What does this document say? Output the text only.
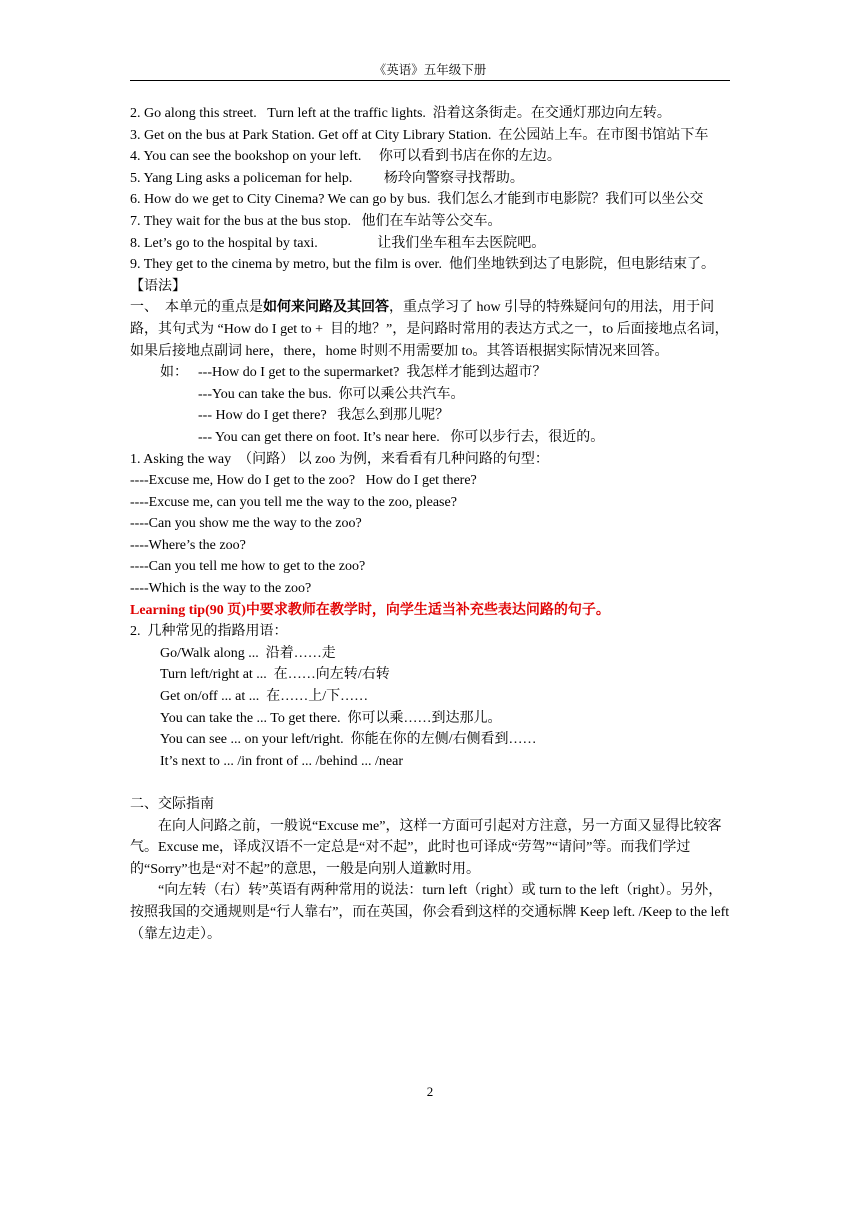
《英语》五年级下册

2. Go along this street.   Turn left at the traffic lights.  沿着这条街走。在交通灯那边向左转。

3. Get on the bus at Park Station. Get off at City Library Station.  在公园站上车。在市图书馆站下车

4. You can see the bookshop on your left.     你可以看到书店在你的左边。

5. Yang Ling asks a policeman for help.         杨玲向警察寻找帮助。

6. How do we get to City Cinema? We can go by bus.  我们怎么才能到市电影院？我们可以坐公交

7. They wait for the bus at the bus stop.   他们在车站等公交车。

8. Let’s go to the hospital by taxi.                 让我们坐车租车去医院吧。

9. They get to the cinema by metro, but the film is over.  他们坐地铁到达了电影院，但电影结束了。

【语法】

一、  本单元的重点是如何来问路及其回答，重点学习了 how 引导的特殊疑问句的用法，用于问路，其句式为 “How do I get to +  目的地？”，是问路时常用的表达方式之一，to 后面接地点名词，如果后接地点副词 here，there，home 时则不用需要加 to。其答语根据实际情况来回答。

如： ---How do I get to the supermarket?  我怎样才能到达超市？

---You can take the bus.  你可以乘公共汽车。

--- How do I get there?   我怎么到那儿呢？

--- You can get there on foot. It’s near here.   你可以步行去，很近的。

1. Asking the way  （问路） 以 zoo 为例，来看看有几种问路的句型：

----Excuse me, How do I get to the zoo?   How do I get there?

----Excuse me, can you tell me the way to the zoo, please?

----Can you show me the way to the zoo?

----Where’s the zoo?

----Can you tell me how to get to the zoo?

----Which is the way to the zoo?

Learning tip(90 页)中要求教师在教学时，向学生适当补充些表达问路的句子。

2.  几种常见的指路用语：

Go/Walk along ...  沿着……走

Turn left/right at ...  在……向左转/右转

Get on/off ... at ...  在……上/下……

You can take the ... To get there.  你可以乘……到达那儿。

You can see ... on your left/right.  你能在你的左侧/右侧看到……

It’s next to ... /in front of ... /behind ... /near

二、交际指南

在向人问路之前，一般说“Excuse me”，这样一方面可引起对方注意，另一方面又显得比较客气。Excuse me，译成汉语不一定总是“对不起”，此时也可译成“劳驾”“请问”等。而我们学过的“Sorry”也是“对不起”的意思，一般是向别人道歉时用。

“向左转（右）转”英语有两种常用的说法：turn left（right）或 turn to the left（right）。另外，按照我国的交通规则是“行人靠右”，而在英国，你会看到这样的交通标牌 Keep left. /Keep to the left（靠左边走）。

2
